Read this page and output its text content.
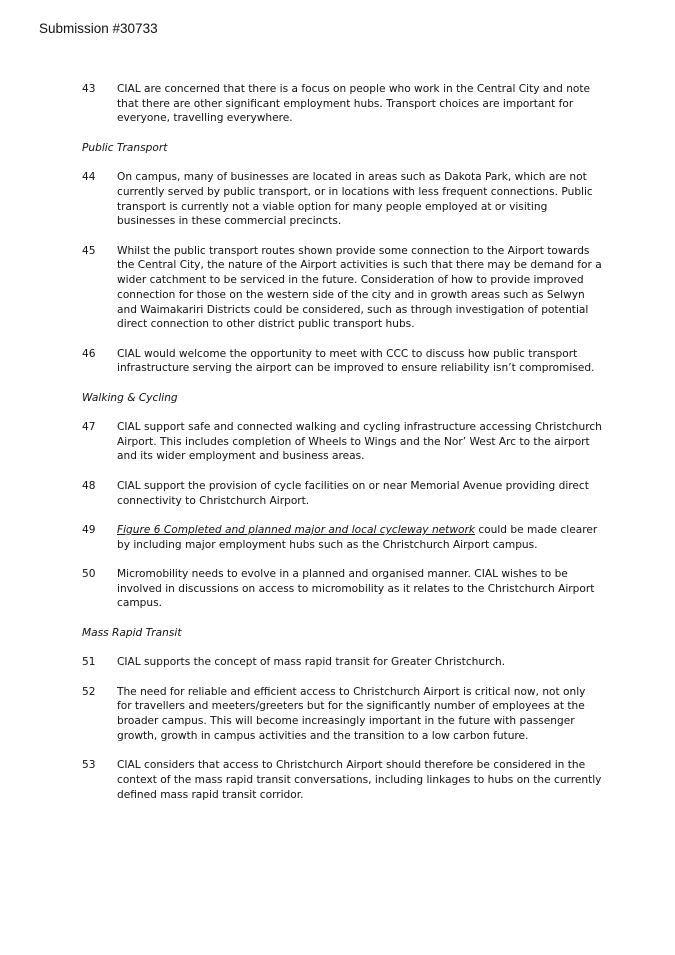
Submission #30733
43	CIAL are concerned that there is a focus on people who work in the Central City and note that there are other significant employment hubs. Transport choices are important for everyone, travelling everywhere.
Public Transport
44	On campus, many of businesses are located in areas such as Dakota Park, which are not currently served by public transport, or in locations with less frequent connections. Public transport is currently not a viable option for many people employed at or visiting businesses in these commercial precincts.
45	Whilst the public transport routes shown provide some connection to the Airport towards the Central City, the nature of the Airport activities is such that there may be demand for a wider catchment to be serviced in the future. Consideration of how to provide improved connection for those on the western side of the city and in growth areas such as Selwyn and Waimakariri Districts could be considered, such as through investigation of potential direct connection to other district public transport hubs.
46	CIAL would welcome the opportunity to meet with CCC to discuss how public transport infrastructure serving the airport can be improved to ensure reliability isn’t compromised.
Walking & Cycling
47	CIAL support safe and connected walking and cycling infrastructure accessing Christchurch Airport. This includes completion of Wheels to Wings and the Nor’ West Arc to the airport and its wider employment and business areas.
48	CIAL support the provision of cycle facilities on or near Memorial Avenue providing direct connectivity to Christchurch Airport.
49	Figure 6 Completed and planned major and local cycleway network could be made clearer by including major employment hubs such as the Christchurch Airport campus.
50	Micromobility needs to evolve in a planned and organised manner. CIAL wishes to be involved in discussions on access to micromobility as it relates to the Christchurch Airport campus.
Mass Rapid Transit
51	CIAL supports the concept of mass rapid transit for Greater Christchurch.
52	The need for reliable and efficient access to Christchurch Airport is critical now, not only for travellers and meeters/greeters but for the significantly number of employees at the broader campus. This will become increasingly important in the future with passenger growth, growth in campus activities and the transition to a low carbon future.
53	CIAL considers that access to Christchurch Airport should therefore be considered in the context of the mass rapid transit conversations, including linkages to hubs on the currently defined mass rapid transit corridor.
